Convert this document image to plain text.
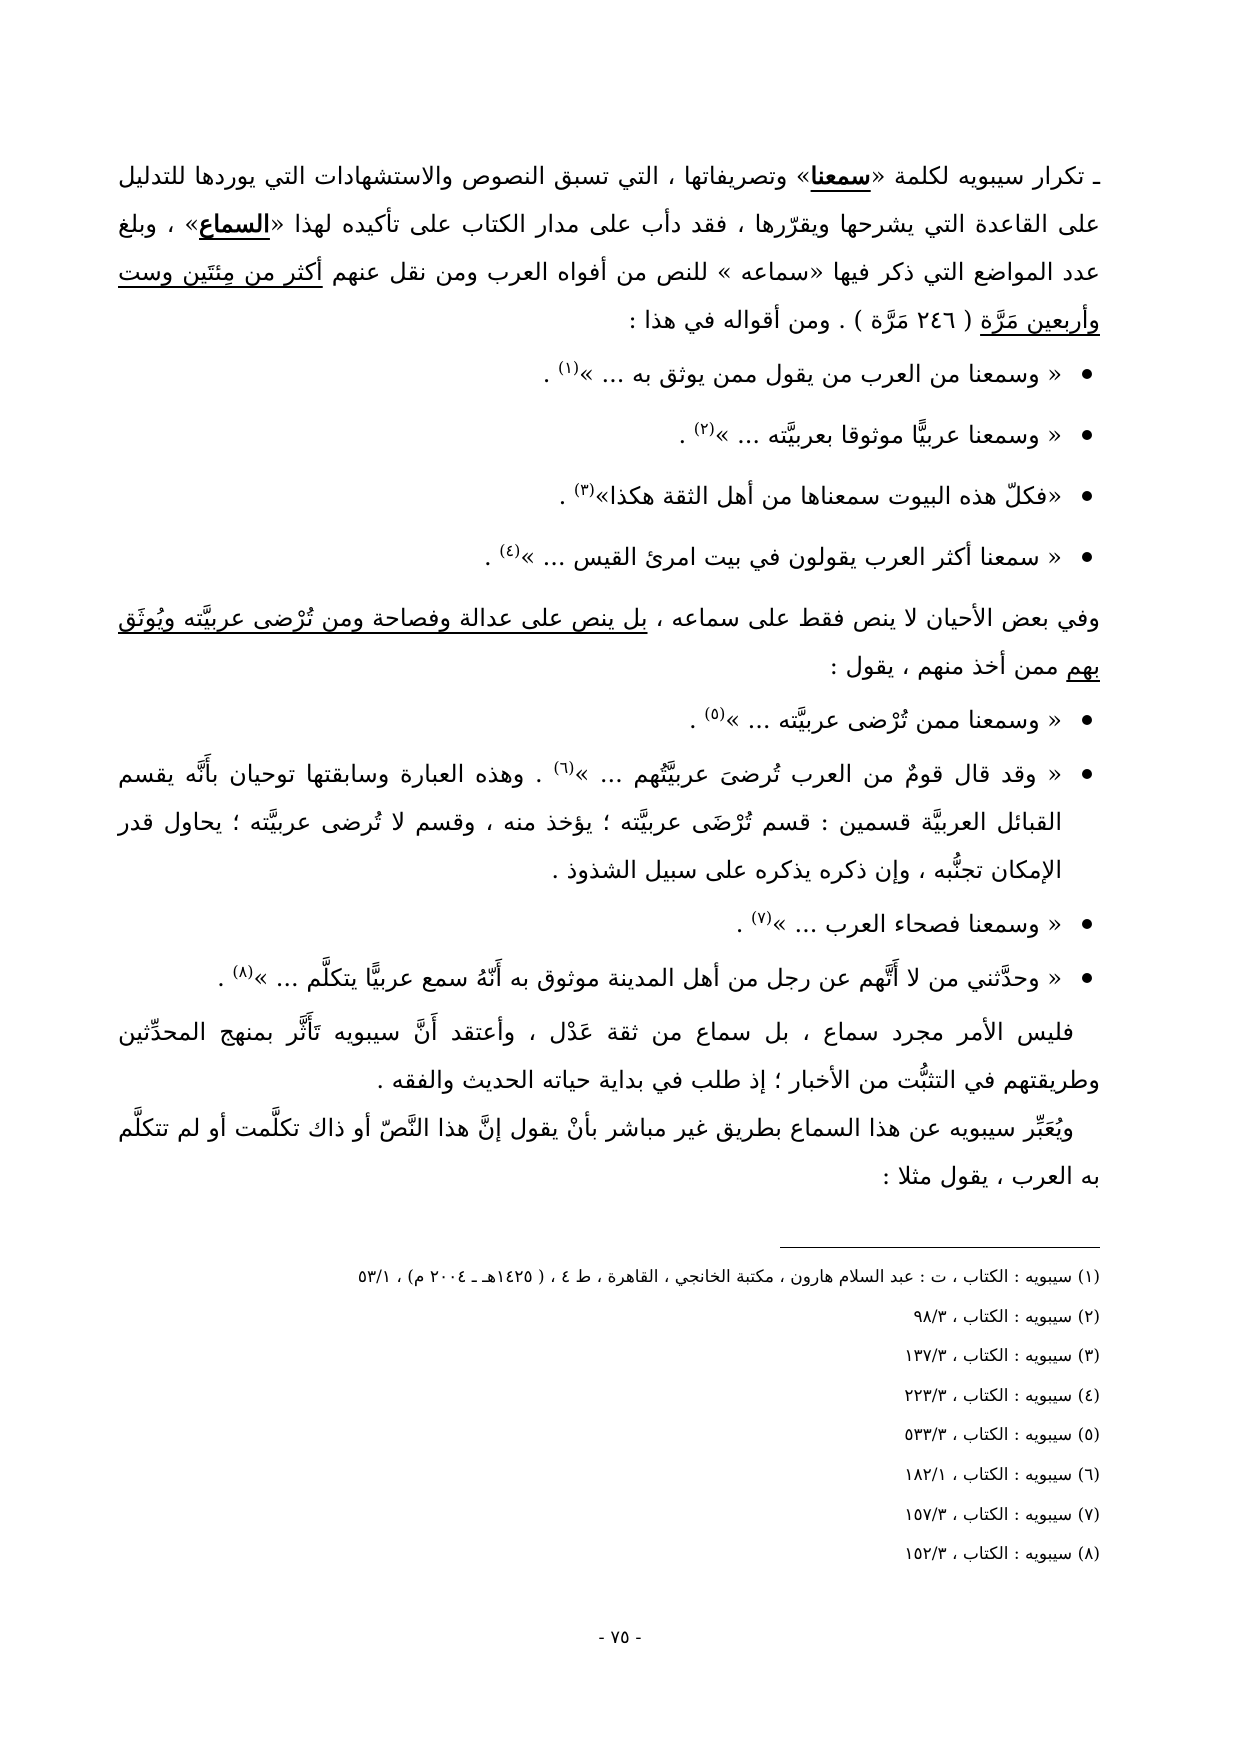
ـ تكرار سيبويه لكلمة «سمعنا» وتصريفاتها ، التي تسبق النصوص والاستشهادات التي يوردها للتدليل على القاعدة التي يشرحها ويقرّرها ، فقد دأب على مدار الكتاب على تأكيده لهذا «السماع» ، وبلغ عدد المواضع التي ذكر فيها «سماعه » للنص من أفواه العرب ومن نقل عنهم أكثر من مِئتَين وست وأربعين مَرَّة ( ٢٤٦ مَرَّة ) . ومن أقواله في هذا :

« وسمعنا من العرب من يقول ممن يوثق به ... »$^{(١)}$ .
« وسمعنا عربيًّا موثوقا بعربيَّته ... »$^{(٢)}$ .
«فكلّ هذه البيوت سمعناها من أهل الثقة هكذا»$^{(٣)}$ .
« سمعنا أكثر العرب يقولون في بيت امرئ القيس ... »$^{(٤)}$ .

وفي بعض الأحيان لا ينص فقط على سماعه ، بل ينص على عدالة وفصاحة ومن تُرْضى عربيَّته ويُوثَق بهم ممن أخذ منهم ، يقول :

« وسمعنا ممن تُرْضى عربيَّته ... »$^{(٥)}$ .
« وقد قال قومٌ من العرب تُرضىَ عربيَّتُهم ... »$^{(٦)}$ . وهذه العبارة وسابقتها توحيان بأَنَّه يقسم القبائل العربيَّة قسمين : قسم تُرْضَى عربيَّته ؛ يؤخذ منه ، وقسم لا تُرضى عربيَّته ؛ يحاول قدر الإمكان تجنُّبه ، وإن ذكره يذكره على سبيل الشذوذ .
« وسمعنا فصحاء العرب ... »$^{(٧)}$ .
« وحدَّثني من لا أَتَّهم عن رجل من أهل المدينة موثوق به أَنّهُ سمع عربيًّا يتكلَّم ... »$^{(٨)}$ .

فليس الأمر مجرد سماع ، بل سماع من ثقة عَدْل ، وأعتقد أَنَّ سيبويه تَأَثَّر بمنهج المحدِّثين وطريقتهم في التثبُّت من الأخبار ؛ إذ طلب في بداية حياته الحديث والفقه .

ويُعَبِّر سيبويه عن هذا السماع بطريق غير مباشر بأنْ يقول إنَّ هذا النَّصّ أو ذاك تكلَّمت أو لم تتكلَّم به العرب ، يقول مثلا :

(١) سيبويه : الكتاب ، ت : عبد السلام هارون ، مكتبة الخانجي ، القاهرة ، ط ٤ ، ( ١٤٢٥هـ ـ ٢٠٠٤ م) ، ٥٣/١
(٢) سيبويه : الكتاب ، ٩٨/٣
(٣) سيبويه : الكتاب ، ١٣٧/٣
(٤) سيبويه : الكتاب ، ٢٢٣/٣
(٥) سيبويه : الكتاب ، ٥٣٣/٣
(٦) سيبويه : الكتاب ، ١٨٢/١
(٧) سيبويه : الكتاب ، ١٥٧/٣
(٨) سيبويه : الكتاب ، ١٥٢/٣
- ٧٥ -
